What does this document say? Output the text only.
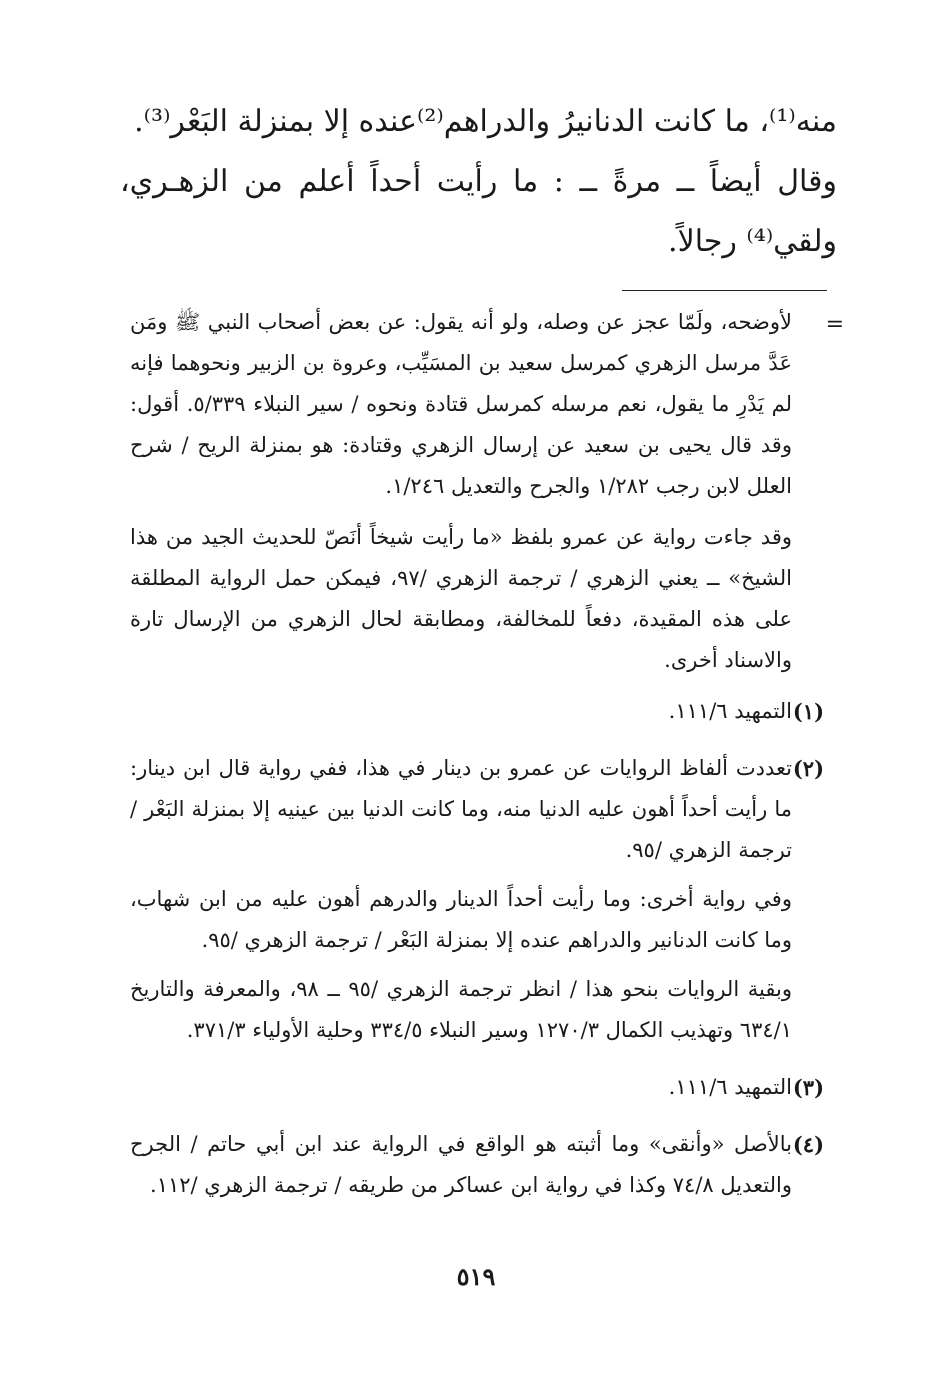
منه⁽¹⁾، ما كانت الدنانيرُ والدراهم⁽²⁾عنده إلا بمنزلة البَعْر⁽³⁾.

وقال أيضاً ــ مرةً ــ : ما رأيت أحداً أعلم من الزهـري، ولقي⁽⁴⁾ رجالاً.

=

لأوضحه، ولَمّا عجز عن وصله، ولو أنه يقول: عن بعض أصحاب النبي ﷺ ومَن عَدَّ مرسل الزهري كمرسل سعيد بن المسَيِّب، وعروة بن الزبير ونحوهما فإنه لم يَدْرِ ما يقول، نعم مرسله كمرسل قتادة ونحوه / سير النبلاء ٥/٣٣٩. أقول: وقد قال يحيى بن سعيد عن إرسال الزهري وقتادة: هو بمنزلة الريح / شرح العلل لابن رجب ١/٢٨٢ والجرح والتعديل ١/٢٤٦.

وقد جاءت رواية عن عمرو بلفظ «ما رأيت شيخاً أنَصّ للحديث الجيد من هذا الشيخ» ــ يعني الزهري / ترجمة الزهري /٩٧، فيمكن حمل الرواية المطلقة على هذه المقيدة، دفعاً للمخالفة، ومطابقة لحال الزهري من الإرسال تارة والاسناد أخرى.

(١)

التمهيد ١١١/٦.

(٢)

تعددت ألفاظ الروايات عن عمرو بن دينار في هذا، ففي رواية قال ابن دينار: ما رأيت أحداً أهون عليه الدنيا منه، وما كانت الدنيا بين عينيه إلا بمنزلة البَعْر / ترجمة الزهري /٩٥.

وفي رواية أخرى: وما رأيت أحداً الدينار والدرهم أهون عليه من ابن شهاب، وما كانت الدنانير والدراهم عنده إلا بمنزلة البَعْر / ترجمة الزهري /٩٥.

وبقية الروايات بنحو هذا / انظر ترجمة الزهري /٩٥ ــ ٩٨، والمعرفة والتاريخ ٦٣٤/١ وتهذيب الكمال ١٢٧٠/٣ وسير النبلاء ٣٣٤/٥ وحلية الأولياء ٣٧١/٣.

(٣)

التمهيد ١١١/٦.

(٤)

بالأصل «وأنقى» وما أثبته هو الواقع في الرواية عند ابن أبي حاتم / الجرح والتعديل ٧٤/٨ وكذا في رواية ابن عساكر من طريقه / ترجمة الزهري /١١٢.

٥١٩
